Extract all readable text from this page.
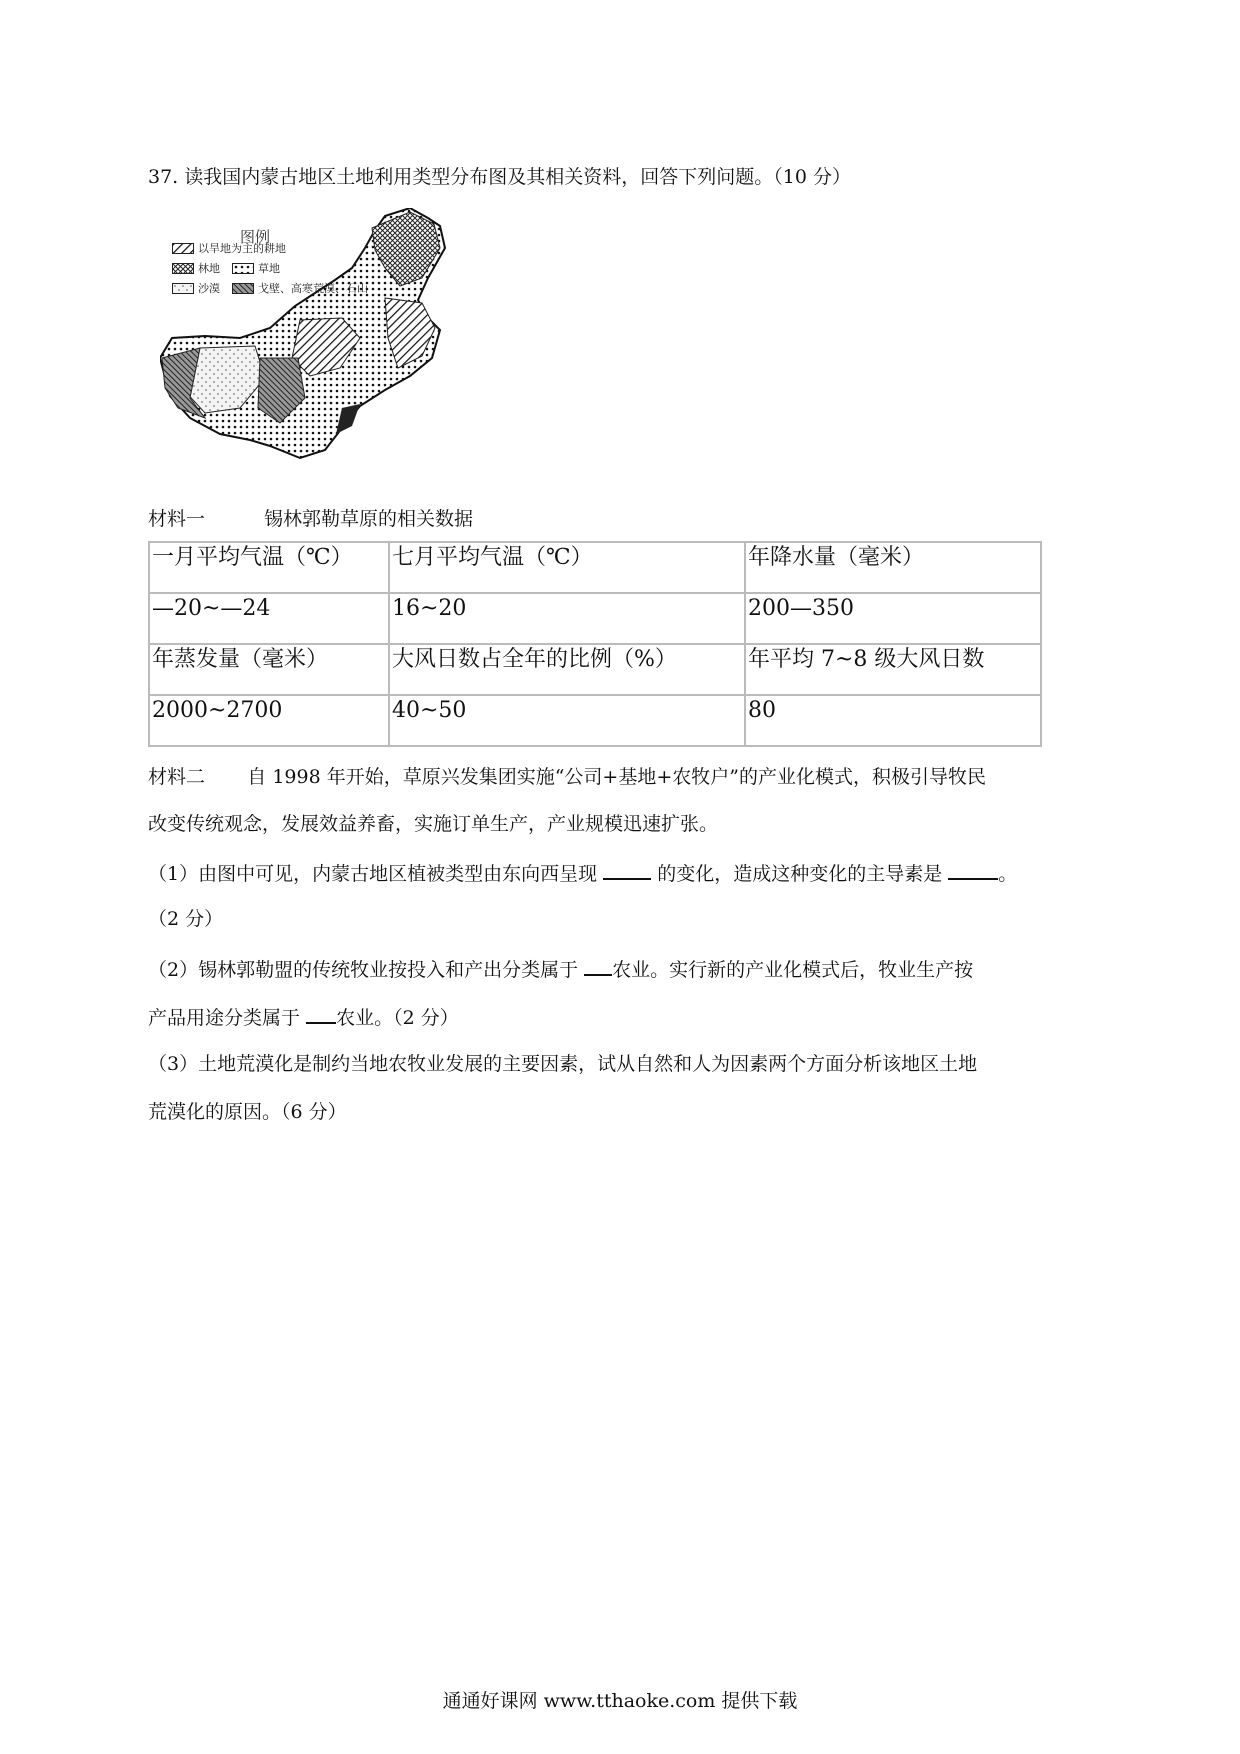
37. 读我国内蒙古地区土地利用类型分布图及其相关资料，回答下列问题。（10 分）
图例
以旱地为主的耕地
林地	草地
沙漠	戈壁、高寒荒漠、石山
材料一	锡林郭勒草原的相关数据
一月平均气温（℃）	七月平均气温（℃）	年降水量（毫米）
—20~—24	16~20	200—350
年蒸发量（毫米）	大风日数占全年的比例（%）	年平均 7~8 级大风日数
2000~2700	40~50	80
材料二       自 1998 年开始，草原兴发集团实施“公司+基地+农牧户”的产业化模式，积极引导牧民
改变传统观念，发展效益养畜，实施订单生产，产业规模迅速扩张。
（1）由图中可见，内蒙古地区植被类型由东向西呈现	的变化，造成这种变化的主导素是	。
（2 分）
（2）锡林郭勒盟的传统牧业按投入和产出分类属于 农业。实行新的产业化模式后，牧业生产按
产品用途分类属于 农业。（2 分）
（3）土地荒漠化是制约当地农牧业发展的主要因素，试从自然和人为因素两个方面分析该地区土地
荒漠化的原因。（6 分）
通通好课网 www.tthaoke.com 提供下载
